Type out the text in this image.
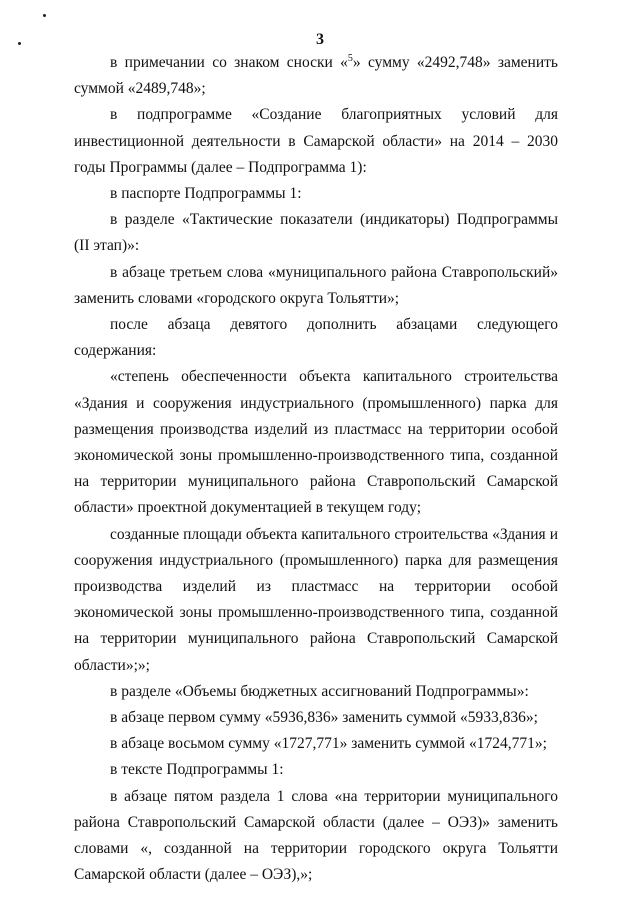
3

в примечании со знаком сноски «$^5$» сумму «2492,748» заменить суммой «2489,748»;

в подпрограмме «Создание благоприятных условий для инвестиционной деятельности в Самарской области» на 2014 – 2030 годы Программы (далее – Подпрограмма 1):

в паспорте Подпрограммы 1:

в разделе «Тактические показатели (индикаторы) Подпрограммы (II этап)»:

в абзаце третьем слова «муниципального района Ставропольский» заменить словами «городского округа Тольятти»;

после абзаца девятого дополнить абзацами следующего содержания:

«степень обеспеченности объекта капитального строительства «Здания и сооружения индустриального (промышленного) парка для размещения производства изделий из пластмасс на территории особой экономической зоны промышленно-производственного типа, созданной на территории муниципального района Ставропольский Самарской области» проектной документацией в текущем году;

созданные площади объекта капитального строительства «Здания и сооружения индустриального (промышленного) парка для размещения производства изделий из пластмасс на территории особой экономической зоны промышленно-производственного типа, созданной на территории муниципального района Ставропольский Самарской области»;»;

в разделе «Объемы бюджетных ассигнований Подпрограммы»:

в абзаце первом сумму «5936,836» заменить суммой «5933,836»;

в абзаце восьмом сумму «1727,771» заменить суммой «1724,771»;

в тексте Подпрограммы 1:

в абзаце пятом раздела 1 слова «на территории муниципального района Ставропольский Самарской области (далее – ОЭЗ)» заменить словами «, созданной на территории городского округа Тольятти Самарской области (далее – ОЭЗ),»;
